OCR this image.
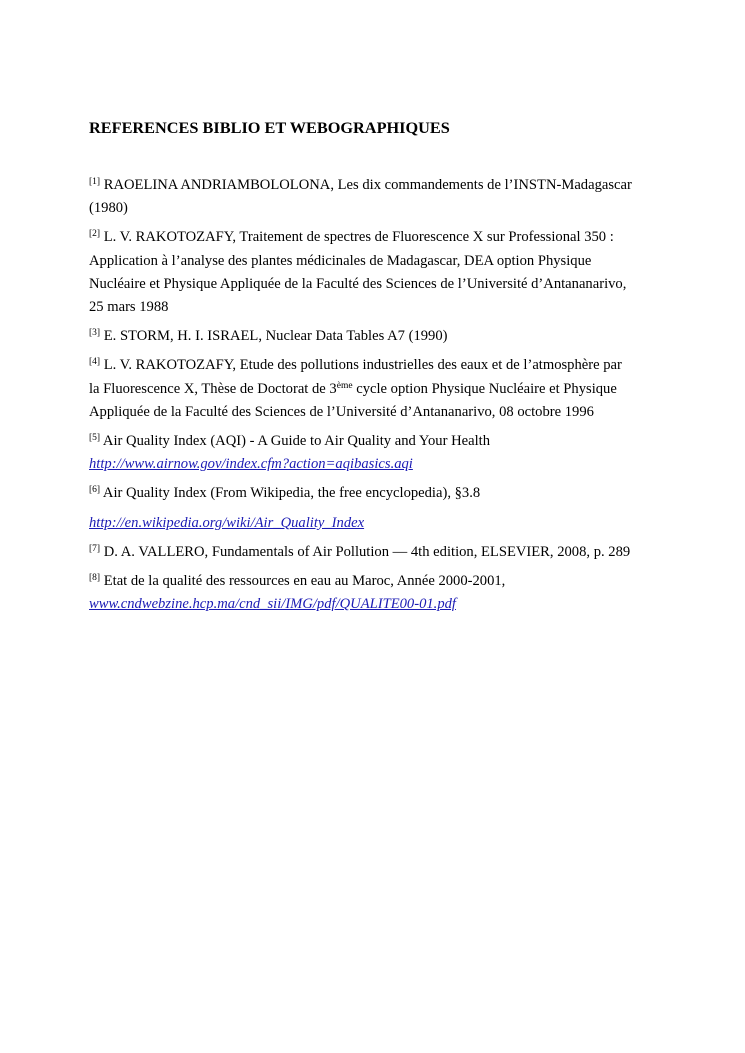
REFERENCES BIBLIO ET WEBOGRAPHIQUES
[1] RAOELINA ANDRIAMBOLOLONA, Les dix commandements de l’INSTN-Madagascar
(1980)
[2] L. V. RAKOTOZAFY, Traitement de spectres de Fluorescence X sur Professional 350 :
Application à l’analyse des plantes médicinales de Madagascar, DEA option Physique
Nucléaire et Physique Appliquée de la Faculté des Sciences de l’Université d’Antananarivo,
25 mars 1988
[3] E. STORM, H. I. ISRAEL, Nuclear Data Tables A7 (1990)
[4] L. V. RAKOTOZAFY, Etude des pollutions industrielles des eaux et de l’atmosphère par
la Fluorescence X, Thèse de Doctorat de 3ème cycle option Physique Nucléaire et Physique
Appliquée de la Faculté des Sciences de l’Université d’Antananarivo, 08 octobre 1996
[5] Air Quality Index (AQI) - A Guide to Air Quality and Your Health
http://www.airnow.gov/index.cfm?action=aqibasics.aqi
[6] Air Quality Index (From Wikipedia, the free encyclopedia), §3.8
http://en.wikipedia.org/wiki/Air_Quality_Index
[7] D. A. VALLERO, Fundamentals of Air Pollution — 4th edition, ELSEVIER, 2008, p. 289
[8] Etat de la qualité des ressources en eau au Maroc, Année 2000-2001,
www.cndwebzine.hcp.ma/cnd_sii/IMG/pdf/QUALITE00-01.pdf
